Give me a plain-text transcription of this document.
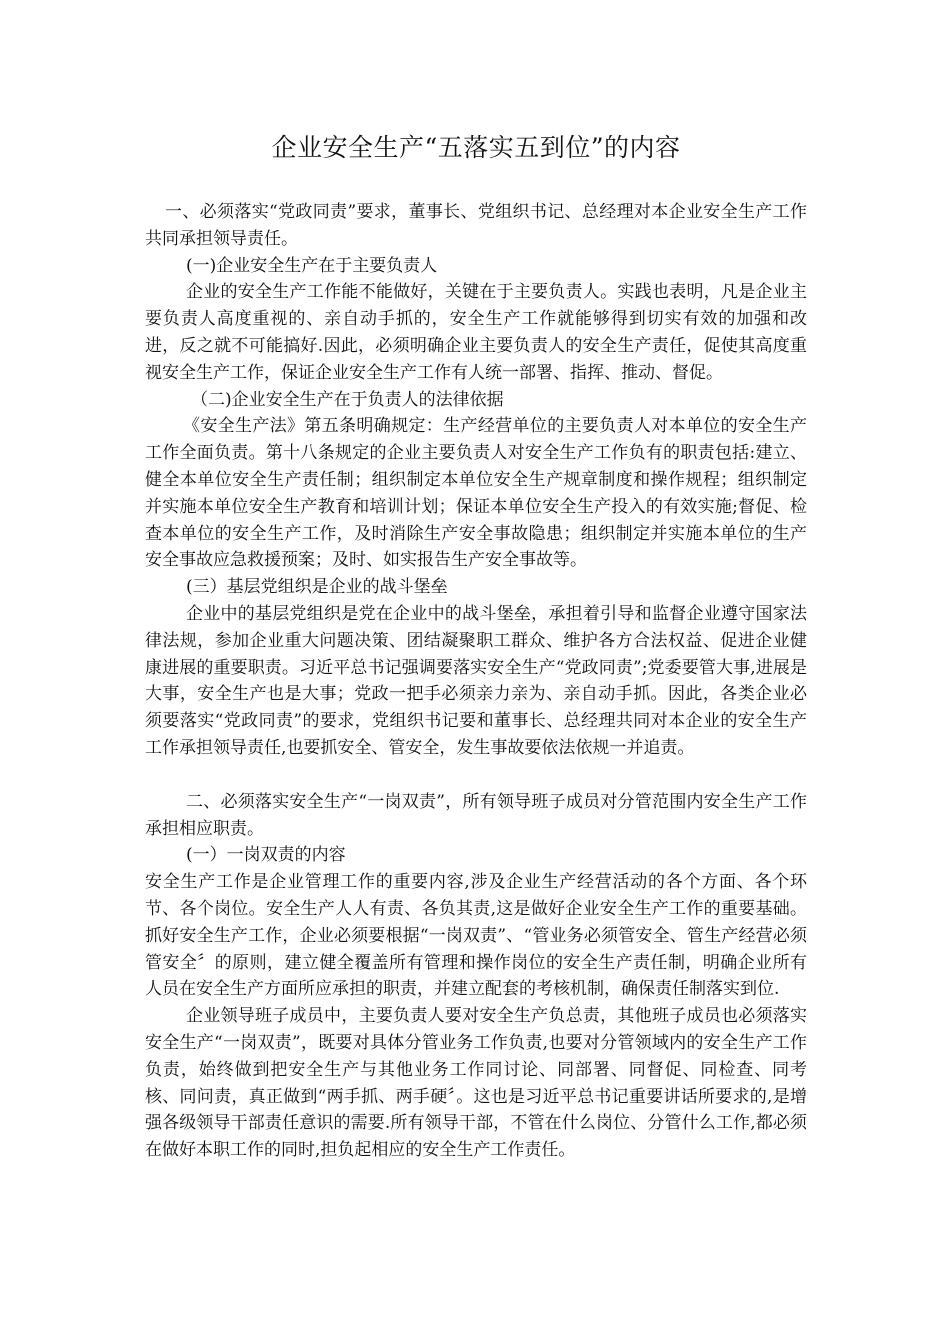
企业安全生产“五落实五到位”的内容

一、必须落实“党政同责”要求，董事长、党组织书记、总经理对本企业安全生产工作共同承担领导责任。

(一)企业安全生产在于主要负责人

企业的安全生产工作能不能做好，关键在于主要负责人。实践也表明，凡是企业主要负责人高度重视的、亲自动手抓的，安全生产工作就能够得到切实有效的加强和改进，反之就不可能搞好.因此，必须明确企业主要负责人的安全生产责任，促使其高度重视安全生产工作，保证企业安全生产工作有人统一部署、指挥、推动、督促。

（二)企业安全生产在于负责人的法律依据

《安全生产法》第五条明确规定：生产经营单位的主要负责人对本单位的安全生产工作全面负责。第十八条规定的企业主要负责人对安全生产工作负有的职责包括:建立、健全本单位安全生产责任制；组织制定本单位安全生产规章制度和操作规程；组织制定并实施本单位安全生产教育和培训计划；保证本单位安全生产投入的有效实施;督促、检查本单位的安全生产工作，及时消除生产安全事故隐患；组织制定并实施本单位的生产安全事故应急救援预案；及时、如实报告生产安全事故等。

(三）基层党组织是企业的战斗堡垒

企业中的基层党组织是党在企业中的战斗堡垒，承担着引导和监督企业遵守国家法律法规，参加企业重大问题决策、团结凝聚职工群众、维护各方合法权益、促进企业健康进展的重要职责。习近平总书记强调要落实安全生产“党政同责”;党委要管大事,进展是大事，安全生产也是大事；党政一把手必须亲力亲为、亲自动手抓。因此，各类企业必须要落实“党政同责”的要求，党组织书记要和董事长、总经理共同对本企业的安全生产工作承担领导责任,也要抓安全、管安全，发生事故要依法依规一并追责。

二、必须落实安全生产“一岗双责”，所有领导班子成员对分管范围内安全生产工作承担相应职责。

(一）一岗双责的内容

安全生产工作是企业管理工作的重要内容,涉及企业生产经营活动的各个方面、各个环节、各个岗位。安全生产人人有责、各负其责,这是做好企业安全生产工作的重要基础。抓好安全生产工作，企业必须要根据“一岗双责”、“管业务必须管安全、管生产经营必须管安全〞的原则，建立健全覆盖所有管理和操作岗位的安全生产责任制，明确企业所有人员在安全生产方面所应承担的职责，并建立配套的考核机制，确保责任制落实到位.

企业领导班子成员中，主要负责人要对安全生产负总责，其他班子成员也必须落实安全生产“一岗双责”，既要对具体分管业务工作负责,也要对分管领域内的安全生产工作负责，始终做到把安全生产与其他业务工作同讨论、同部署、同督促、同检查、同考核、同问责，真正做到“两手抓、两手硬〞。这也是习近平总书记重要讲话所要求的,是增强各级领导干部责任意识的需要.所有领导干部，不管在什么岗位、分管什么工作,都必须在做好本职工作的同时,担负起相应的安全生产工作责任。
